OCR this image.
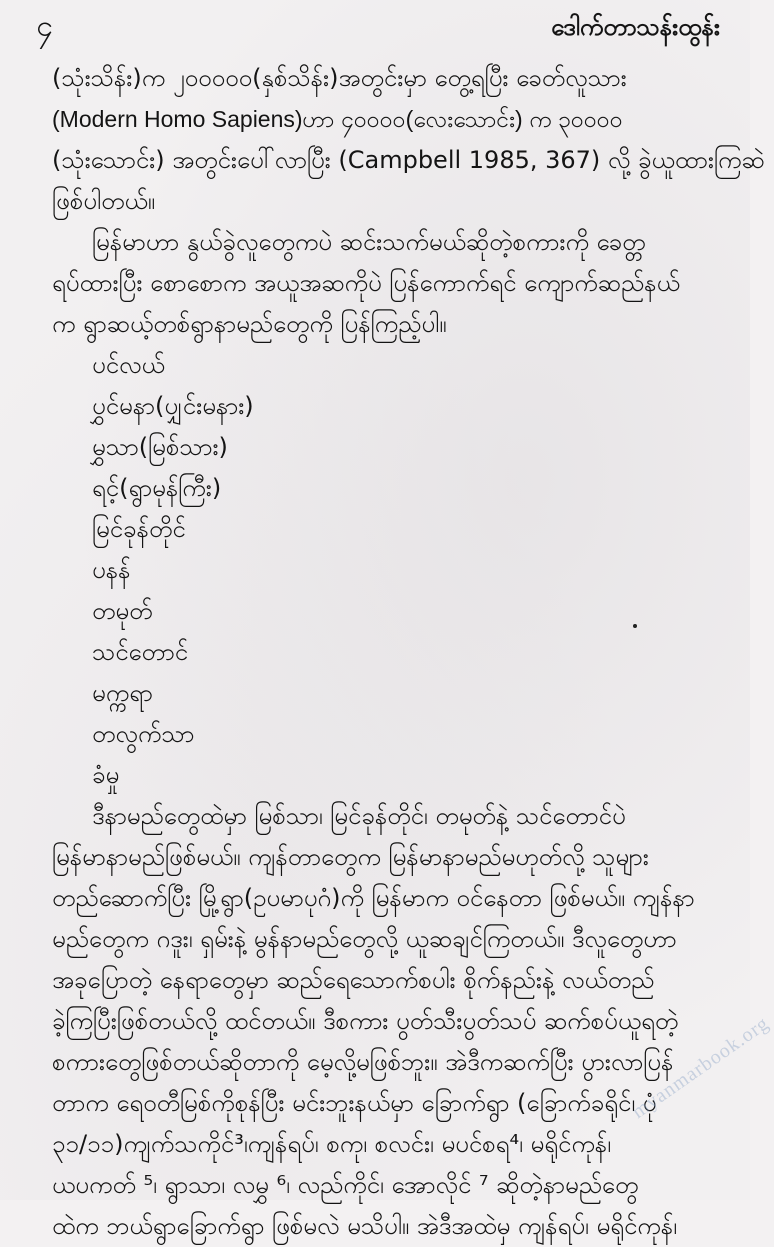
၄	ဒေါက်တာသန်းထွန်း
(သုံးသိန်း)က ၂၀၀၀၀၀(နှစ်သိန်း)အတွင်းမှာ တွေ့ရပြီး ခေတ်လူသား
(Modern Homo Sapiens)ဟာ ၄၀၀၀၀(လေးသောင်း) က ၃၀၀၀၀
(သုံးသောင်း) အတွင်းပေါ်လာပြီး (Campbell 1985, 367) လို့ ခွဲယူထားကြဆဲ
ဖြစ်ပါတယ်။
မြန်မာဟာ နွယ်ခွဲလူတွေကပဲ ဆင်းသက်မယ်ဆိုတဲ့စကားကို ခေတ္တ
ရပ်ထားပြီး စောစောက အယူအဆကိုပဲ ပြန်ကောက်ရင် ကျောက်ဆည်နယ်
က ရွာဆယ့်တစ်ရွာနာမည်တွေကို ပြန်ကြည့်ပါ။
ပင်လယ်
ပွှင်မနာ(ပျှင်းမနား)
မွှသာ(မြစ်သား)
ရင့်(ရွာမုန်ကြီး)
မြင်ခုန်တိုင်
ပနန်
တမုတ်
သင်တောင်
မက္ကရာ
တလွက်သာ
ခံမှု
ဒီနာမည်တွေထဲမှာ မြစ်သာ၊ မြင်ခုန်တိုင်၊ တမုတ်နဲ့ သင်တောင်ပဲ
မြန်မာနာမည်ဖြစ်မယ်။ ကျန်တာတွေက မြန်မာနာမည်မဟုတ်လို့ သူများ
တည်ဆောက်ပြီး မြို့ရွာ(ဥပမာပုဂံ)ကို မြန်မာက ဝင်နေတာ ဖြစ်မယ်။ ကျန်နာ
မည်တွေက ဂဒူး၊ ရှမ်းနဲ့ မွန်နာမည်တွေလို့ ယူဆချင်ကြတယ်။ ဒီလူတွေဟာ
အခုပြောတဲ့ နေရာတွေမှာ ဆည်ရေသောက်စပါး စိုက်နည်းနဲ့ လယ်တည်
ခဲ့ကြပြီးဖြစ်တယ်လို့ ထင်တယ်။ ဒီစကား ပွတ်သီးပွတ်သပ် ဆက်စပ်ယူရတဲ့
စကားတွေဖြစ်တယ်ဆိုတာကို မေ့လို့မဖြစ်ဘူး။ အဲဒီကဆက်ပြီး ပွားလာပြန်
တာက ရေဝတီမြစ်ကိုစုန်ပြီး မင်းဘူးနယ်မှာ ခြောက်ရွာ (ခြောက်ခရိုင်၊ ပုံ
၃၁/၁၁)ကျက်သကိုင်³၊ကျန်ရပ်၊ စကု၊ စလင်း၊ မပင်စရ⁴၊ မရိုင်ကုန်၊
ယပကတ် ⁵၊ ရွာသာ၊ လမွှ ⁶၊ လည်ကိုင်၊ အောလိုင် ⁷ ဆိုတဲ့နာမည်တွေ
ထဲက ဘယ်ရွာခြောက်ရွာ ဖြစ်မလဲ မသိပါ။ အဲဒီအထဲမှ ကျန်ရပ်၊ မရိုင်ကုန်၊
myanmarbook.org
